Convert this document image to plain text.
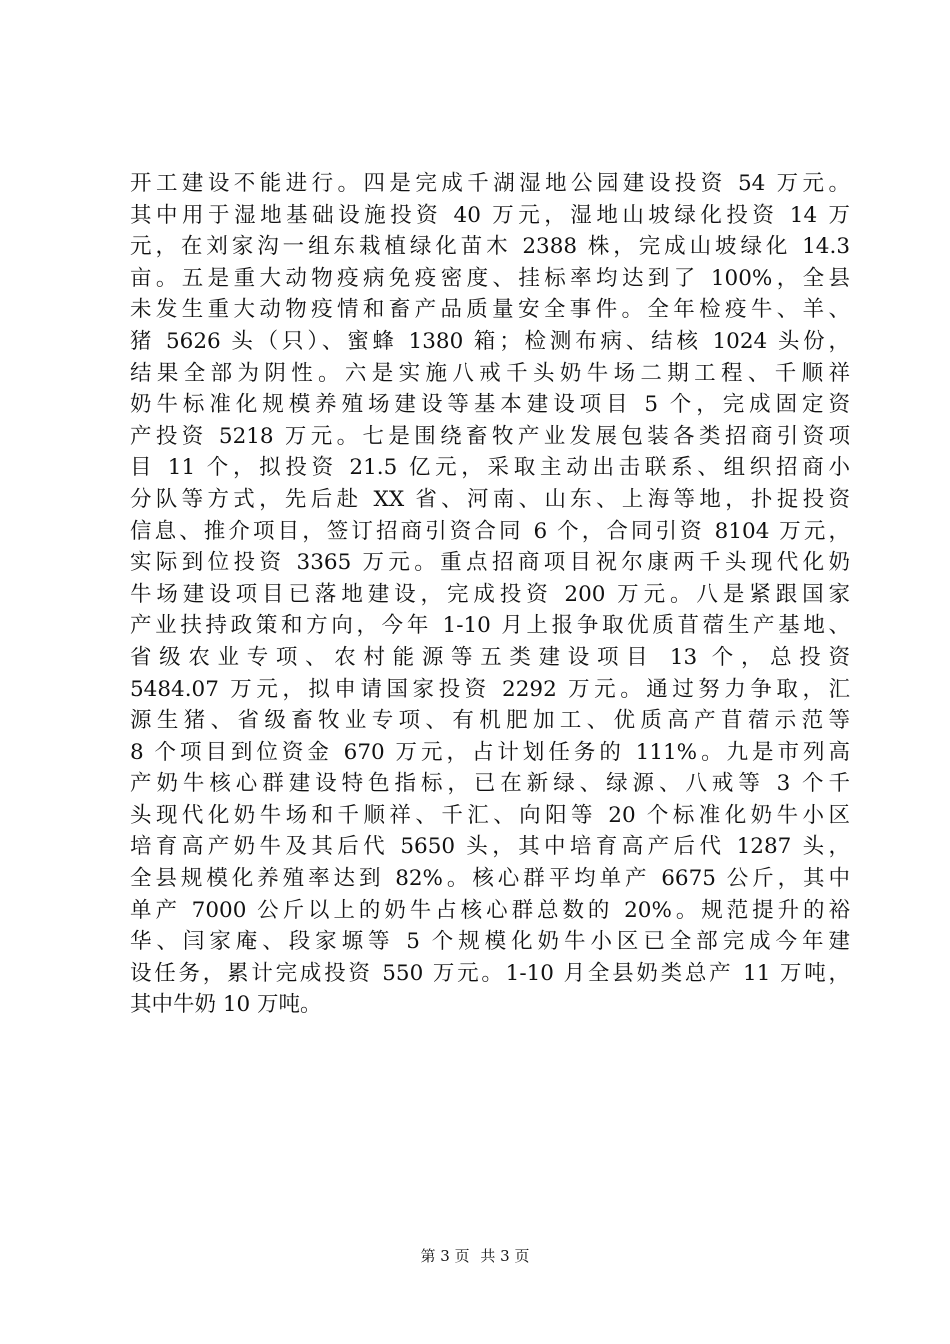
开工建设不能进行。四是完成千湖湿地公园建设投资 54 万元。
其中用于湿地基础设施投资 40 万元，湿地山坡绿化投资 14 万
元，在刘家沟一组东栽植绿化苗木 2388 株，完成山坡绿化 14.3
亩。五是重大动物疫病免疫密度、挂标率均达到了 100%，全县
未发生重大动物疫情和畜产品质量安全事件。全年检疫牛、羊、
猪 5626 头（只）、蜜蜂 1380 箱；检测布病、结核 1024 头份，
结果全部为阴性。六是实施八戒千头奶牛场二期工程、千顺祥
奶牛标准化规模养殖场建设等基本建设项目 5 个，完成固定资
产投资 5218 万元。七是围绕畜牧产业发展包装各类招商引资项
目 11 个，拟投资 21.5 亿元，采取主动出击联系、组织招商小
分队等方式，先后赴 XX 省、河南、山东、上海等地，扑捉投资
信息、推介项目，签订招商引资合同 6 个，合同引资 8104 万元，
实际到位投资 3365 万元。重点招商项目祝尔康两千头现代化奶
牛场建设项目已落地建设，完成投资 200 万元。八是紧跟国家
产业扶持政策和方向，今年 1-10 月上报争取优质苜蓿生产基地、
省级农业专项、农村能源等五类建设项目 13 个，总投资
5484.07 万元，拟申请国家投资 2292 万元。通过努力争取，汇
源生猪、省级畜牧业专项、有机肥加工、优质高产苜蓿示范等
8 个项目到位资金 670 万元，占计划任务的 111%。九是市列高
产奶牛核心群建设特色指标，已在新绿、绿源、八戒等 3 个千
头现代化奶牛场和千顺祥、千汇、向阳等 20 个标准化奶牛小区
培育高产奶牛及其后代 5650 头，其中培育高产后代 1287 头，
全县规模化养殖率达到 82%。核心群平均单产 6675 公斤，其中
单产 7000 公斤以上的奶牛占核心群总数的 20%。规范提升的裕
华、闫家庵、段家塬等 5 个规模化奶牛小区已全部完成今年建
设任务，累计完成投资 550 万元。1-10 月全县奶类总产 11 万吨，
其中牛奶 10 万吨。
第 3 页 共 3 页
